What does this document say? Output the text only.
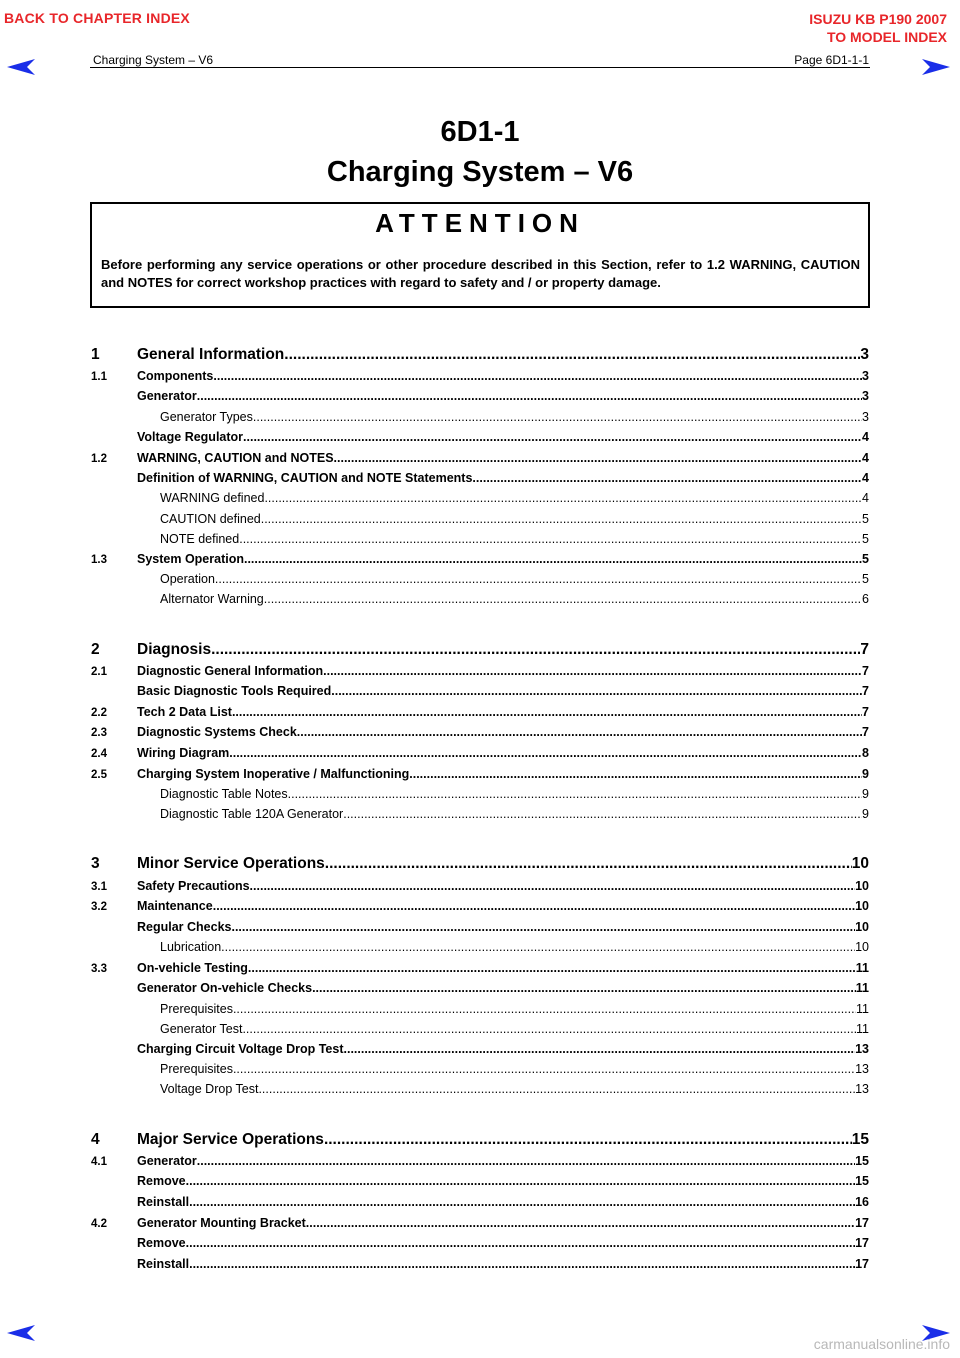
BACK TO CHAPTER INDEX	ISUZU KB P190 2007
TO MODEL INDEX
Charging System – V6	Page 6D1-1-1
6D1-1
Charging System – V6
ATTENTION
Before performing any service operations or other procedure described in this Section, refer to 1.2 WARNING, CAUTION and NOTES for correct workshop practices with regard to safety and / or property damage.
1	General Information .....	3
1.1	Components .....	3
Generator .....	3
Generator Types .....	3
Voltage Regulator .....	4
1.2	WARNING, CAUTION and NOTES .....	4
Definition of WARNING, CAUTION and NOTE Statements .....	4
WARNING defined .....	4
CAUTION defined .....	5
NOTE defined .....	5
1.3	System Operation .....	5
Operation .....	5
Alternator Warning .....	6
2	Diagnosis .....	7
2.1	Diagnostic General Information .....	7
Basic Diagnostic Tools Required .....	7
2.2	Tech 2 Data List .....	7
2.3	Diagnostic Systems Check .....	7
2.4	Wiring Diagram .....	8
2.5	Charging System Inoperative / Malfunctioning .....	9
Diagnostic Table Notes .....	9
Diagnostic Table 120A Generator .....	9
3	Minor Service Operations .....	10
3.1	Safety Precautions .....	10
3.2	Maintenance .....	10
Regular Checks .....	10
Lubrication .....	10
3.3	On-vehicle Testing .....	11
Generator On-vehicle Checks .....	11
Prerequisites .....	11
Generator Test .....	11
Charging Circuit Voltage Drop Test .....	13
Prerequisites .....	13
Voltage Drop Test .....	13
4	Major Service Operations .....	15
4.1	Generator .....	15
Remove .....	15
Reinstall .....	16
4.2	Generator Mounting Bracket .....	17
Remove .....	17
Reinstall .....	17
carmanualsonline.info
